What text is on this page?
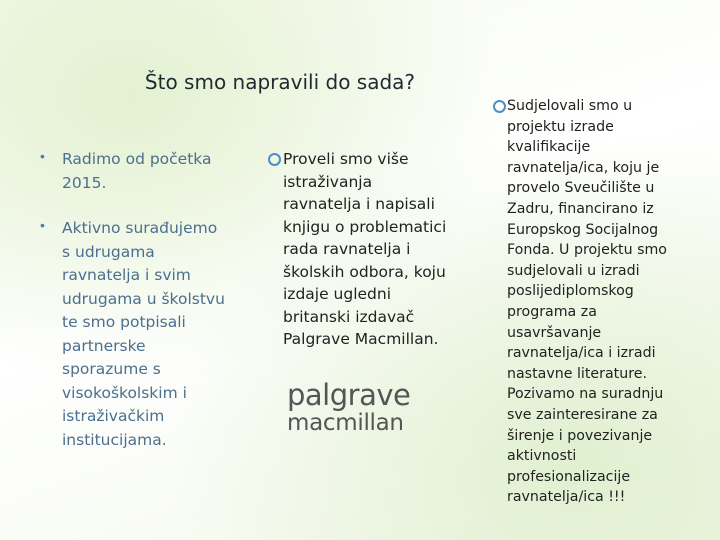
Što smo napravili do sada?
• Radimo od početka
2015.
• Aktivno surađujemo
s udrugama
ravnatelja i svim
udrugama u školstvu
te smo potpisali
partnerske
sporazume s
visokoškolskim i
istraživačkim
institucijama.
Proveli smo više
istraživanja
ravnatelja i napisali
knjigu o problematici
rada ravnatelja i
školskih odbora, koju
izdaje ugledni
britanski izdavač
Palgrave Macmillan.
palgrave
macmillan
Sudjelovali smo u
projektu izrade
kvalifikacije
ravnatelja/ica, koju je
provelo Sveučilište u
Zadru, financirano iz
Europskog Socijalnog
Fonda. U projektu smo
sudjelovali u izradi
poslijediplomskog
programa za
usavršavanje
ravnatelja/ica i izradi
nastavne literature.
Pozivamo na suradnju
sve zainteresirane za
širenje i povezivanje
aktivnosti
profesionalizacije
ravnatelja/ica !!!
